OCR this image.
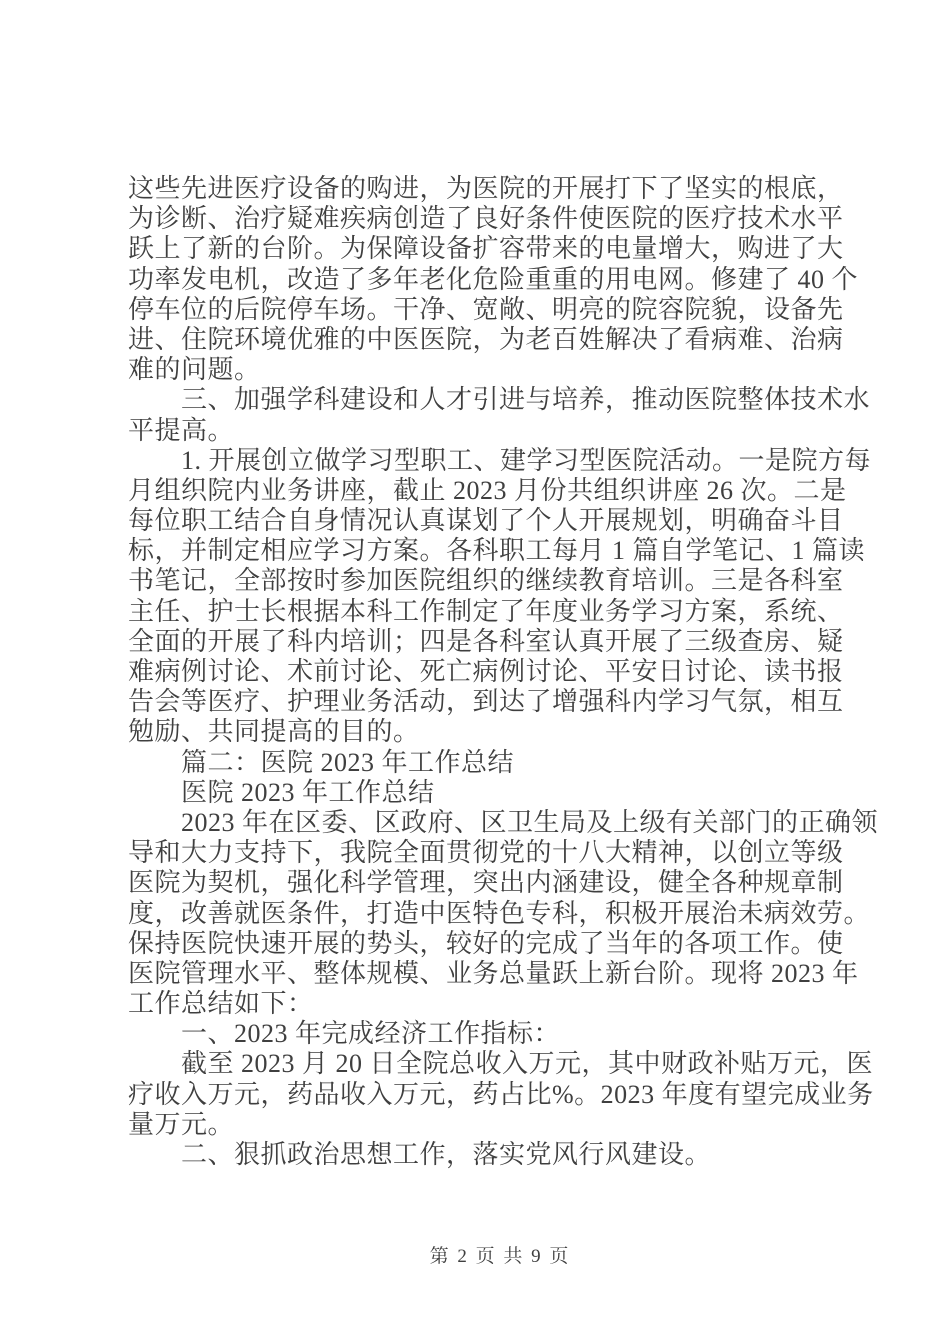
这些先进医疗设备的购进，为医院的开展打下了坚实的根底，
为诊断、治疗疑难疾病创造了良好条件使医院的医疗技术水平
跃上了新的台阶。为保障设备扩容带来的电量增大，购进了大
功率发电机，改造了多年老化危险重重的用电网。修建了 40 个
停车位的后院停车场。干净、宽敞、明亮的院容院貌，设备先
进、住院环境优雅的中医医院，为老百姓解决了看病难、治病
难的问题。
三、加强学科建设和人才引进与培养，推动医院整体技术水
平提高。
1. 开展创立做学习型职工、建学习型医院活动。一是院方每
月组织院内业务讲座，截止 2023 月份共组织讲座 26 次。二是
每位职工结合自身情况认真谋划了个人开展规划，明确奋斗目
标，并制定相应学习方案。各科职工每月 1 篇自学笔记、1 篇读
书笔记，全部按时参加医院组织的继续教育培训。三是各科室
主任、护士长根据本科工作制定了年度业务学习方案，系统、
全面的开展了科内培训；四是各科室认真开展了三级查房、疑
难病例讨论、术前讨论、死亡病例讨论、平安日讨论、读书报
告会等医疗、护理业务活动，到达了增强科内学习气氛，相互
勉励、共同提高的目的。
篇二：医院 2023 年工作总结
医院 2023 年工作总结
2023 年在区委、区政府、区卫生局及上级有关部门的正确领
导和大力支持下，我院全面贯彻党的十八大精神，以创立等级
医院为契机，强化科学管理，突出内涵建设，健全各种规章制
度，改善就医条件，打造中医特色专科，积极开展治未病效劳。
保持医院快速开展的势头，较好的完成了当年的各项工作。使
医院管理水平、整体规模、业务总量跃上新台阶。现将 2023 年
工作总结如下：
一、2023 年完成经济工作指标：
截至 2023 月 20 日全院总收入万元，其中财政补贴万元，医
疗收入万元，药品收入万元，药占比%。2023 年度有望完成业务
量万元。
二、狠抓政治思想工作，落实党风行风建设。
第 2 页 共 9 页
